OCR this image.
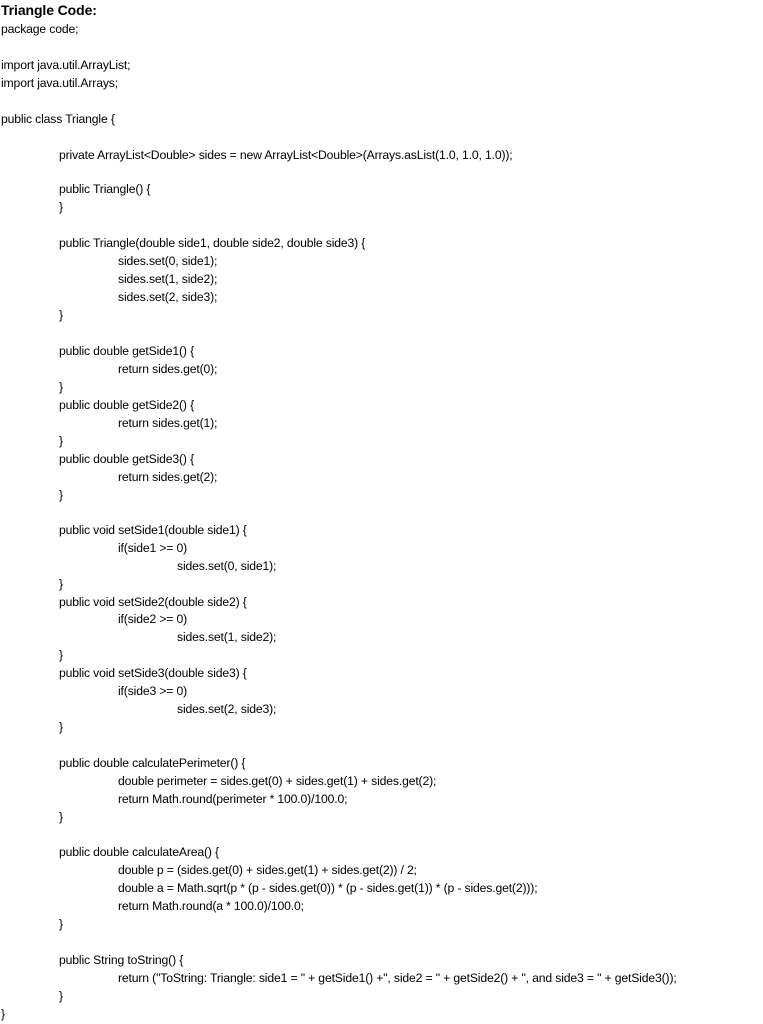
Triangle Code:
package code;
import java.util.ArrayList;
import java.util.Arrays;
public class Triangle {
private ArrayList<Double> sides = new ArrayList<Double>(Arrays.asList(1.0, 1.0, 1.0));
public Triangle() {
}
public Triangle(double side1, double side2, double side3) {
sides.set(0, side1);
sides.set(1, side2);
sides.set(2, side3);
}
public double getSide1() {
return sides.get(0);
}
public double getSide2() {
return sides.get(1);
}
public double getSide3() {
return sides.get(2);
}
public void setSide1(double side1) {
if(side1 >= 0)
sides.set(0, side1);
}
public void setSide2(double side2) {
if(side2 >= 0)
sides.set(1, side2);
}
public void setSide3(double side3) {
if(side3 >= 0)
sides.set(2, side3);
}
public double calculatePerimeter() {
double perimeter = sides.get(0) + sides.get(1) + sides.get(2);
return Math.round(perimeter * 100.0)/100.0;
}
public double calculateArea() {
double p = (sides.get(0) + sides.get(1) + sides.get(2)) / 2;
double a = Math.sqrt(p * (p - sides.get(0)) * (p - sides.get(1)) * (p - sides.get(2)));
return Math.round(a * 100.0)/100.0;
}
public String toString() {
return ("ToString: Triangle: side1 = " + getSide1() +", side2 = " + getSide2() + ", and side3 = " + getSide3());
}
}
